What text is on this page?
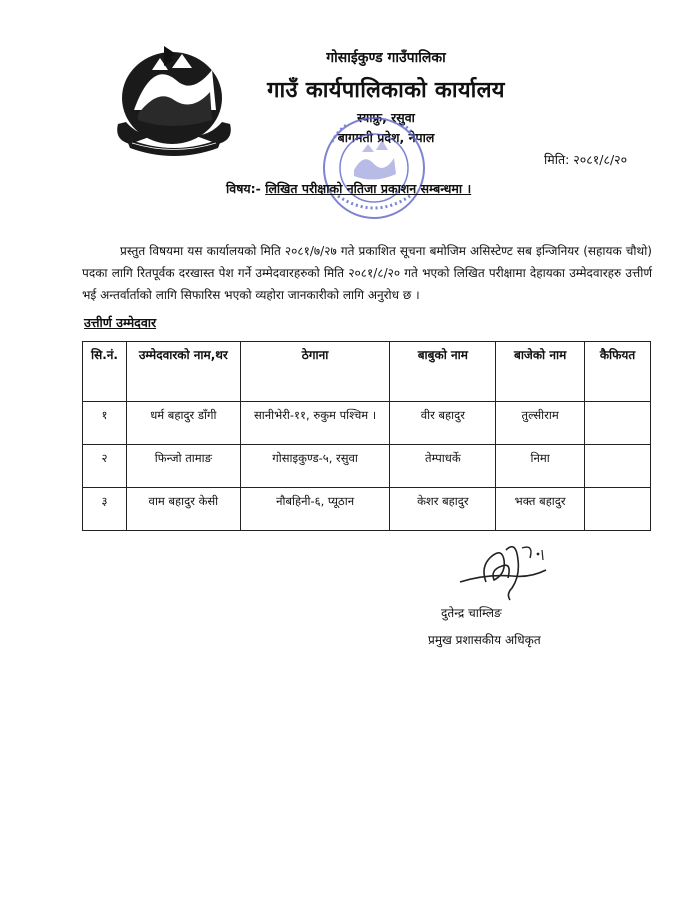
गोसाईकुण्ड गाउँपालिका
गाउँ कार्यपालिकाको कार्यालय
स्याफ्रु, रसुवा
बागमती प्रदेश, नेपाल
मिति: २०८१/८/२०
विषय:- लिखित परीक्षाको नतिजा प्रकाशन सम्बन्धमा ।
प्रस्तुत विषयमा यस कार्यालयको मिति २०८१/७/२७ गते प्रकाशित सूचना बमोजिम असिस्टेण्ट सब इन्जिनियर (सहायक चौथो) पदका लागि रितपूर्वक दरखास्त पेश गर्ने उम्मेदवारहरुको मिति २०८१/८/२० गते भएको लिखित परीक्षामा देहायका उम्मेदवारहरु उत्तीर्ण भई अन्तर्वार्ताको लागि सिफारिस भएको व्यहोरा जानकारीको लागि अनुरोध छ ।
उत्तीर्ण उम्मेदवार
सि.नं.	उम्मेदवारको नाम,थर	ठेगाना	बाबुको नाम	बाजेको नाम	कैफियत
१	धर्म बहादुर डाँगी	सानीभेरी-११, रुकुम पश्चिम ।	वीर बहादुर	तुल्सीराम	
२	फिन्जो तामाङ	गोसाइकुण्ड-५, रसुवा	तेम्पाधर्के	निमा	
३	वाम बहादुर केसी	नौबहिनी-६, प्यूठान	केशर बहादुर	भक्त बहादुर	
दुतेन्द्र चाम्लिङ
प्रमुख प्रशासकीय अधिकृत
